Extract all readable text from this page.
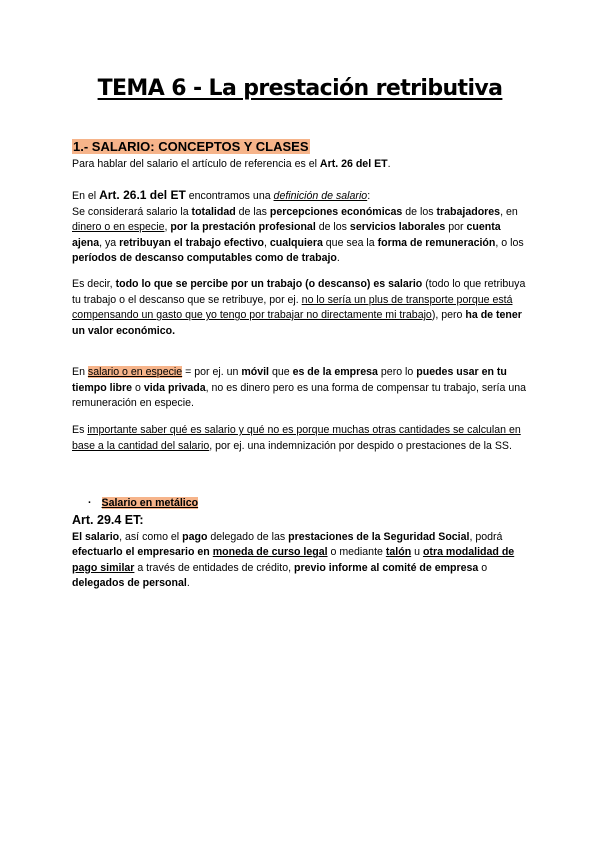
TEMA 6 - La prestación retributiva
1.- SALARIO: CONCEPTOS Y CLASES
Para hablar del salario el artículo de referencia es el Art. 26 del ET.
En el Art. 26.1 del ET encontramos una definición de salario:
Se considerará salario la totalidad de las percepciones económicas de los trabajadores, en dinero o en especie, por la prestación profesional de los servicios laborales por cuenta ajena, ya retribuyan el trabajo efectivo, cualquiera que sea la forma de remuneración, o los períodos de descanso computables como de trabajo.
Es decir, todo lo que se percibe por un trabajo (o descanso) es salario (todo lo que retribuya tu trabajo o el descanso que se retribuye, por ej. no lo sería un plus de transporte porque está compensando un gasto que yo tengo por trabajar no directamente mi trabajo), pero ha de tener un valor económico.
En salario o en especie = por ej. un móvil que es de la empresa pero lo puedes usar en tu tiempo libre o vida privada, no es dinero pero es una forma de compensar tu trabajo, sería una remuneración en especie.
Es importante saber qué es salario y qué no es porque muchas otras cantidades se calculan en base a la cantidad del salario, por ej. una indemnización por despido o prestaciones de la SS.
· Salario en metálico
Art. 29.4 ET:
El salario, así como el pago delegado de las prestaciones de la Seguridad Social, podrá efectuarlo el empresario en moneda de curso legal o mediante talón u otra modalidad de pago similar a través de entidades de crédito, previo informe al comité de empresa o delegados de personal.
